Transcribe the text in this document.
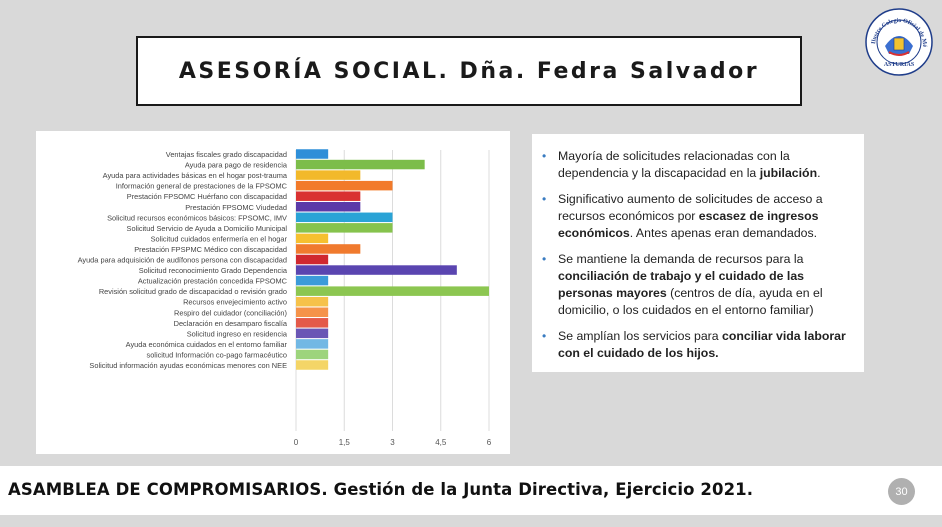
ASESORÍA SOCIAL. Dña. Fedra Salvador
Ilustre Colegio Oficial de Mé
ASTURIAS
0	1,5	3	4,5	6
Ventajas fiscales grado discapacidad
Ayuda para pago de residencia
Ayuda para actividades básicas en el hogar post-trauma
Información general de prestaciones de la FPSOMC
Prestación FPSOMC Huérfano con discapacidad
Prestación FPSOMC Viudedad
Solicitud recursos económicos básicos: FPSOMC, IMV
Solicitud Servicio de Ayuda a Domicilio Municipal
Solicitud cuidados enfermería en el hogar
Prestación FPSPMC Médico con discapacidad
Ayuda para adquisición de audífonos persona con discapacidad
Solicitud reconocimiento Grado Dependencia
Actualización prestación concedida FPSOMC
Revisión solicitud grado de discapacidad o revisión grado
Recursos envejecimiento activo
Respiro del cuidador (conciliación)
Declaración en desamparo fiscalía
Solicitud ingreso en residencia
Ayuda económica cuidados en el entorno familiar
solicitud Información co-pago farmacéutico
Solicitud información ayudas económicas menores con NEE
• Mayoría de solicitudes relacionadas con la dependencia y la discapacidad en la jubilación.
• Significativo aumento de solicitudes de acceso a recursos económicos por escasez de ingresos económicos. Antes apenas eran demandados.
• Se mantiene la demanda de recursos para la conciliación de trabajo y el cuidado de las personas mayores (centros de día, ayuda en el domicilio, o los cuidados en el entorno familiar)
• Se amplían los servicios para conciliar vida laborar con el cuidado de los hijos.
ASAMBLEA DE COMPROMISARIOS. Gestión de la Junta Directiva, Ejercicio 2021.	30
